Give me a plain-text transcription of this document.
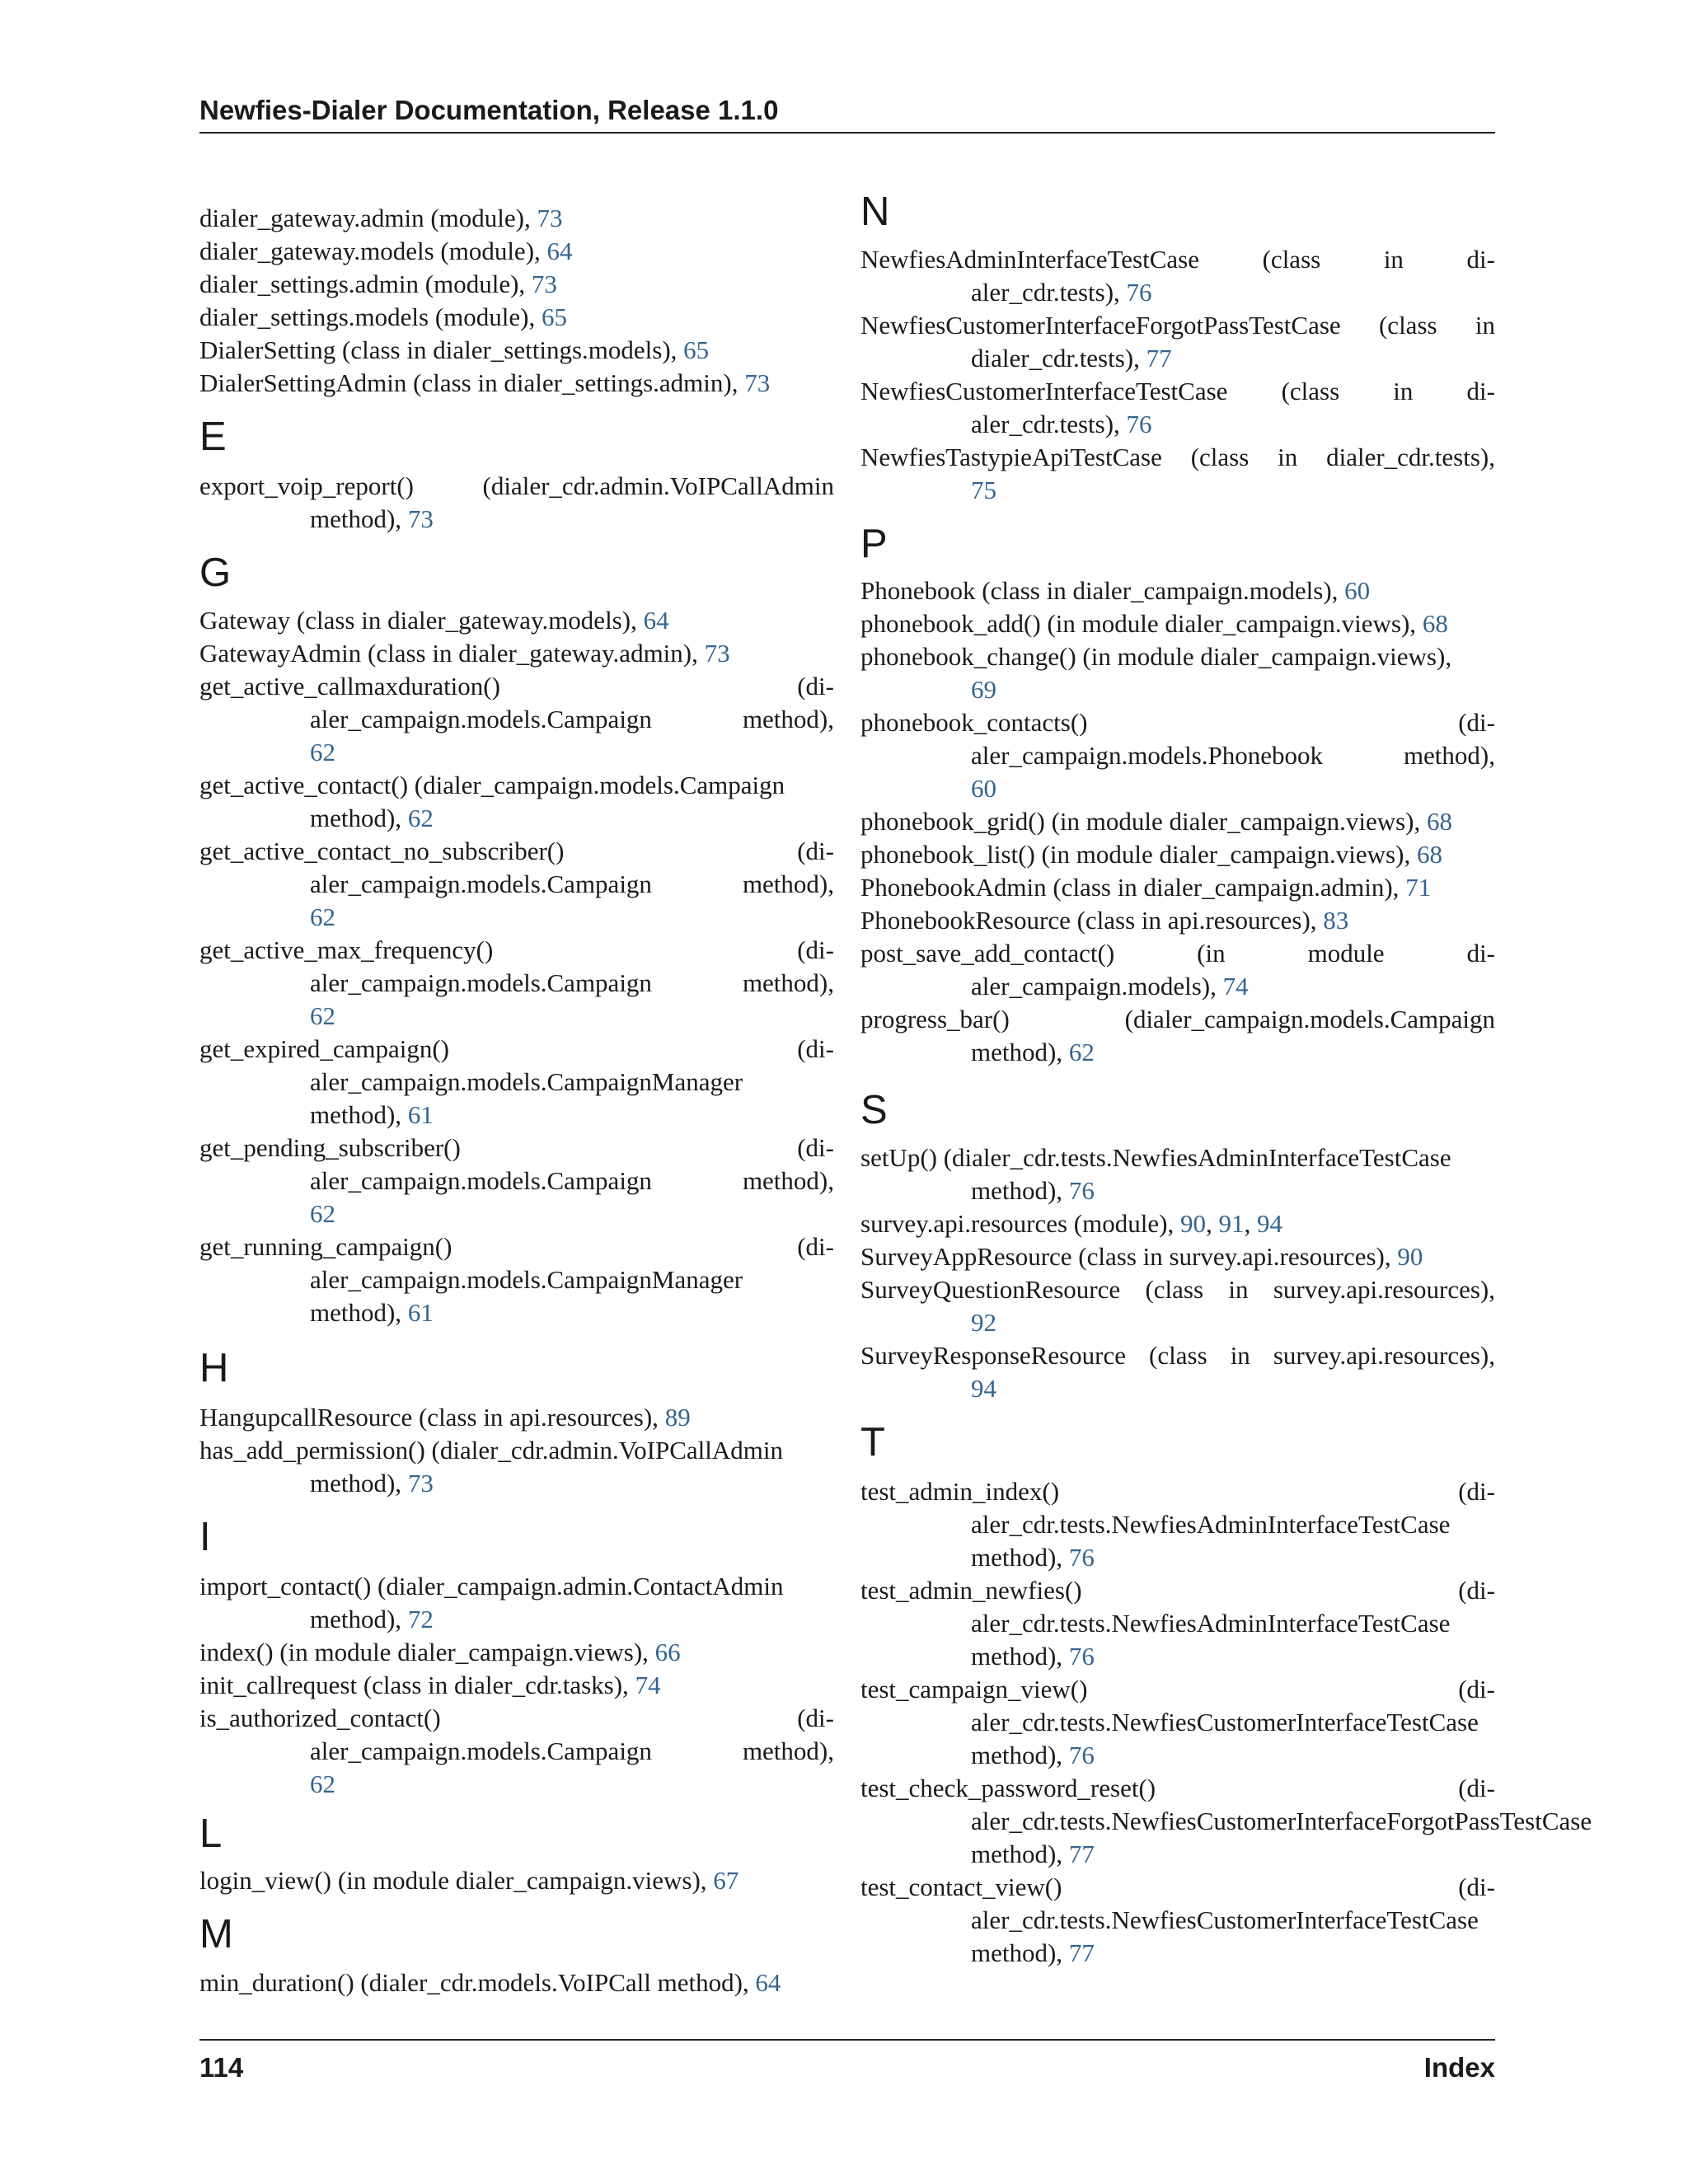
Newfies-Dialer Documentation, Release 1.1.0
dialer_gateway.admin (module), 73
dialer_gateway.models (module), 64
dialer_settings.admin (module), 73
dialer_settings.models (module), 65
DialerSetting (class in dialer_settings.models), 65
DialerSettingAdmin (class in dialer_settings.admin), 73
E
export_voip_report()	(dialer_cdr.admin.VoIPCallAdmin
method), 73
G
Gateway (class in dialer_gateway.models), 64
GatewayAdmin (class in dialer_gateway.admin), 73
get_active_callmaxduration()	(di-
aler_campaign.models.Campaign	method),
62
get_active_contact() (dialer_campaign.models.Campaign
method), 62
get_active_contact_no_subscriber()	(di-
aler_campaign.models.Campaign	method),
62
get_active_max_frequency()	(di-
aler_campaign.models.Campaign	method),
62
get_expired_campaign()	(di-
aler_campaign.models.CampaignManager
method), 61
get_pending_subscriber()	(di-
aler_campaign.models.Campaign	method),
62
get_running_campaign()	(di-
aler_campaign.models.CampaignManager
method), 61
H
HangupcallResource (class in api.resources), 89
has_add_permission() (dialer_cdr.admin.VoIPCallAdmin
method), 73
I
import_contact() (dialer_campaign.admin.ContactAdmin
method), 72
index() (in module dialer_campaign.views), 66
init_callrequest (class in dialer_cdr.tasks), 74
is_authorized_contact()	(di-
aler_campaign.models.Campaign	method),
62
L
login_view() (in module dialer_campaign.views), 67
M
min_duration() (dialer_cdr.models.VoIPCall method), 64
N
NewfiesAdminInterfaceTestCase (class in di-
aler_cdr.tests), 76
NewfiesCustomerInterfaceForgotPassTestCase (class in
dialer_cdr.tests), 77
NewfiesCustomerInterfaceTestCase (class in di-
aler_cdr.tests), 76
NewfiesTastypieApiTestCase (class in dialer_cdr.tests),
75
P
Phonebook (class in dialer_campaign.models), 60
phonebook_add() (in module dialer_campaign.views), 68
phonebook_change() (in module dialer_campaign.views),
69
phonebook_contacts()	(di-
aler_campaign.models.Phonebook	method),
60
phonebook_grid() (in module dialer_campaign.views), 68
phonebook_list() (in module dialer_campaign.views), 68
PhonebookAdmin (class in dialer_campaign.admin), 71
PhonebookResource (class in api.resources), 83
post_save_add_contact()	(in	module	di-
aler_campaign.models), 74
progress_bar()	(dialer_campaign.models.Campaign
method), 62
S
setUp() (dialer_cdr.tests.NewfiesAdminInterfaceTestCase
method), 76
survey.api.resources (module), 90, 91, 94
SurveyAppResource (class in survey.api.resources), 90
SurveyQuestionResource (class in survey.api.resources),
92
SurveyResponseResource (class in survey.api.resources),
94
T
test_admin_index()	(di-
aler_cdr.tests.NewfiesAdminInterfaceTestCase
method), 76
test_admin_newfies()	(di-
aler_cdr.tests.NewfiesAdminInterfaceTestCase
method), 76
test_campaign_view()	(di-
aler_cdr.tests.NewfiesCustomerInterfaceTestCase
method), 76
test_check_password_reset()	(di-
aler_cdr.tests.NewfiesCustomerInterfaceForgotPassTestCase
method), 77
test_contact_view()	(di-
aler_cdr.tests.NewfiesCustomerInterfaceTestCase
method), 77
114	Index
